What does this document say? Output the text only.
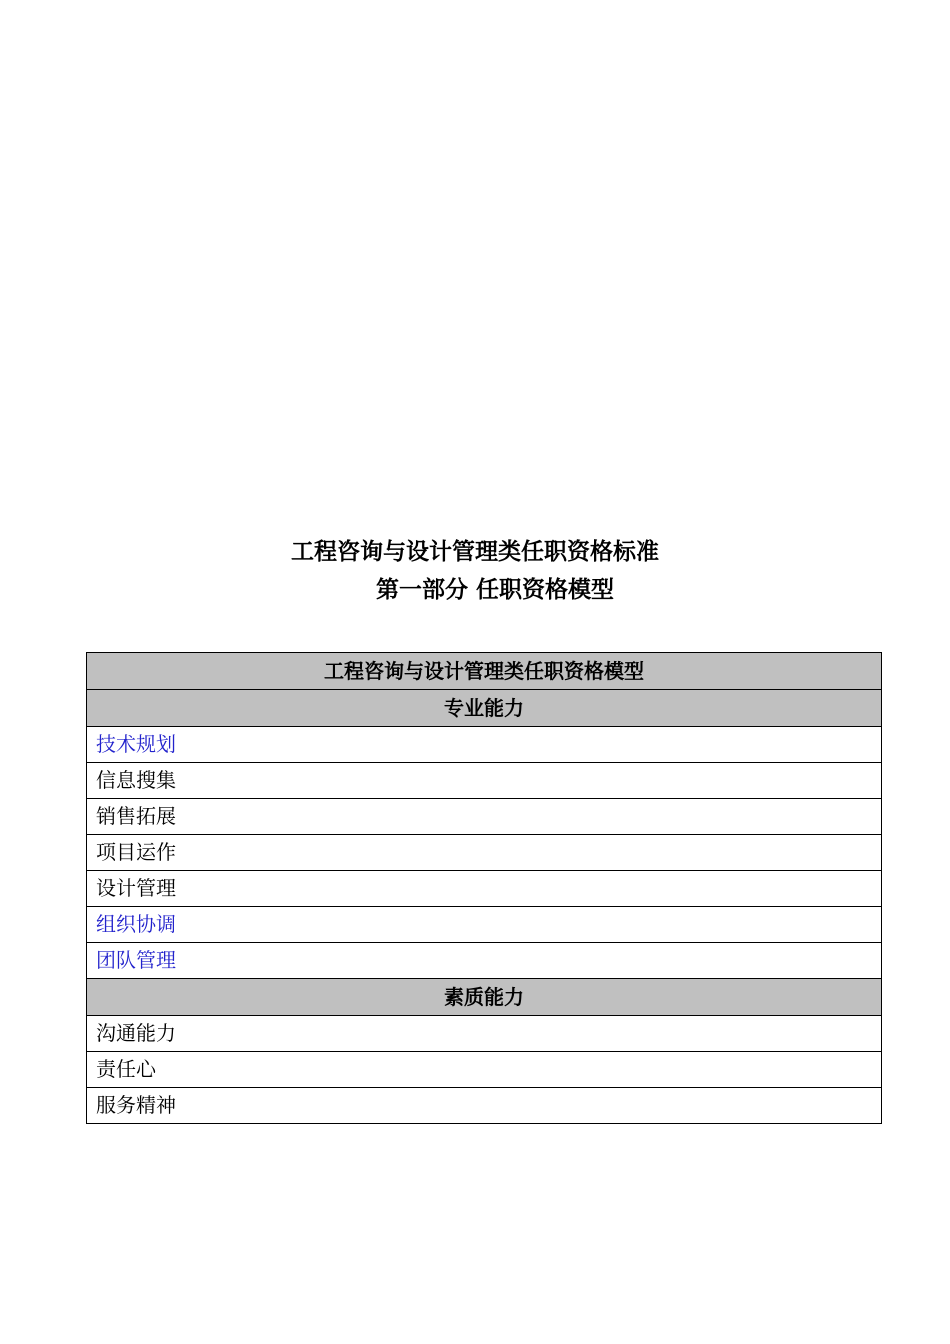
工程咨询与设计管理类任职资格标准
第一部分 任职资格模型
工程咨询与设计管理类任职资格模型
专业能力
技术规划
信息搜集
销售拓展
项目运作
设计管理
组织协调
团队管理
素质能力
沟通能力
责任心
服务精神
